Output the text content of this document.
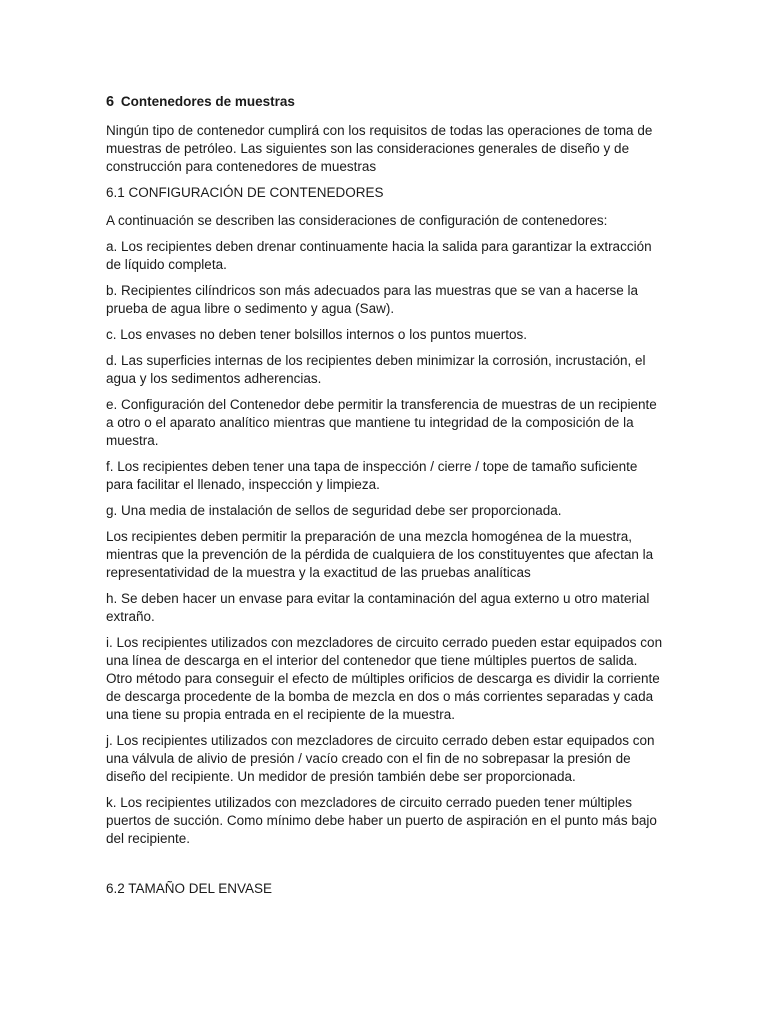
6 Contenedores de muestras

Ningún tipo de contenedor cumplirá con los requisitos de todas las operaciones de toma de muestras de petróleo. Las siguientes son las consideraciones generales de diseño y de construcción para contenedores de muestras

6.1 CONFIGURACIÓN DE CONTENEDORES

A continuación se describen las consideraciones de configuración de contenedores:

a. Los recipientes deben drenar continuamente hacia la salida para garantizar la extracción de líquido completa.

b. Recipientes cilíndricos son más adecuados para las muestras que se van a hacerse la prueba de agua libre o sedimento y agua (Saw).

c. Los envases no deben tener bolsillos internos o los puntos muertos.

d. Las superficies internas de los recipientes deben minimizar la corrosión, incrustación, el agua y los sedimentos adherencias.

e. Configuración del Contenedor debe permitir la transferencia de muestras de un recipiente a otro o el aparato analítico mientras que mantiene tu integridad de la composición de la muestra.

f. Los recipientes deben tener una tapa de inspección / cierre / tope de tamaño suficiente para facilitar el llenado, inspección y limpieza.

g. Una media de instalación de sellos de seguridad debe ser proporcionada.

Los recipientes deben permitir la preparación de una mezcla homogénea de la muestra, mientras que la prevención de la pérdida de cualquiera de los constituyentes que afectan la representatividad de la muestra y la exactitud de las pruebas analíticas

h. Se deben hacer un envase para evitar la contaminación del agua externo u otro material extraño.

i. Los recipientes utilizados con mezcladores de circuito cerrado pueden estar equipados con una línea de descarga en el interior del contenedor que tiene múltiples puertos de salida. Otro método para conseguir el efecto de múltiples orificios de descarga es dividir la corriente de descarga procedente de la bomba de mezcla en dos o más corrientes separadas y cada una tiene su propia entrada en el recipiente de la muestra.

j. Los recipientes utilizados con mezcladores de circuito cerrado deben estar equipados con una válvula de alivio de presión / vacío creado con el fin de no sobrepasar la presión de diseño del recipiente. Un medidor de presión también debe ser proporcionada.

k. Los recipientes utilizados con mezcladores de circuito cerrado pueden tener múltiples puertos de succión. Como mínimo debe haber un puerto de aspiración en el punto más bajo del recipiente.

6.2 TAMAÑO DEL ENVASE
